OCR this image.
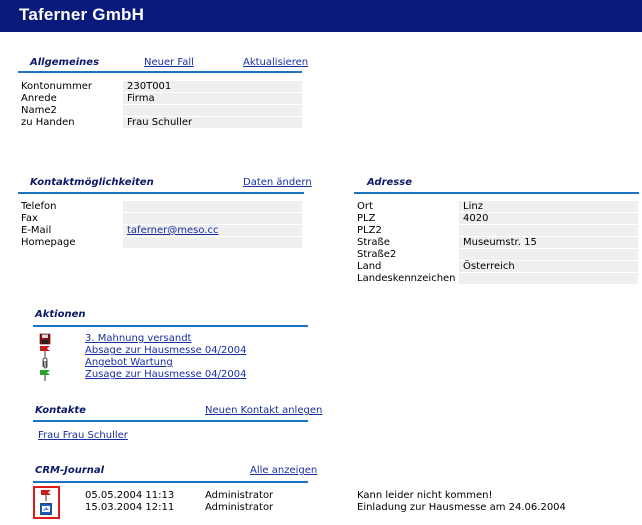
Taferner GmbH
Allgemeines	Neuer Fall	Aktualisieren
Kontonummer	230T001
Anrede	Firma
Name2
zu Handen	Frau Schuller
Kontaktmöglichkeiten	Daten ändern
Telefon
Fax
E-Mail	taferner@meso.cc
Homepage
Adresse
Ort	Linz
PLZ	4020
PLZ2
Straße	Museumstr. 15
Straße2
Land	Österreich
Landeskennzeichen
Aktionen
3. Mahnung versandt
Absage zur Hausmesse 04/2004
Angebot Wartung
Zusage zur Hausmesse 04/2004
Kontakte	Neuen Kontakt anlegen
Frau Frau Schuller
CRM-Journal	Alle anzeigen
05.05.2004 11:13	Administrator	Kann leider nicht kommen!
15.03.2004 12:11	Administrator	Einladung zur Hausmesse am 24.06.2004
